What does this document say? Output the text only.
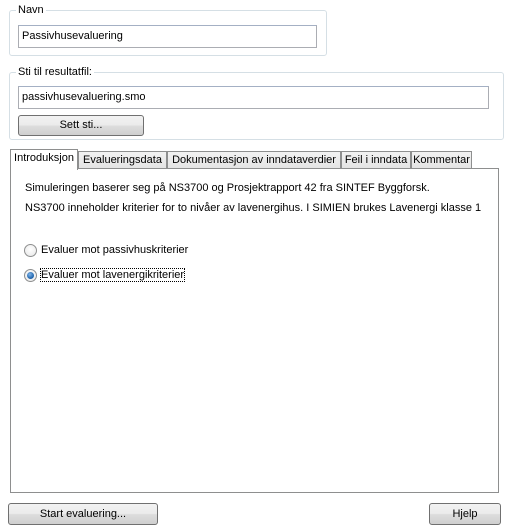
Navn
Passivhusevaluering
Sti til resultatfil:
passivhusevaluering.smo
Sett sti...
Introduksjon Evalueringsdata Dokumentasjon av inndataverdier Feil i inndata Kommentar
Simuleringen baserer seg på NS3700 og Prosjektrapport 42 fra SINTEF Byggforsk.
NS3700 inneholder kriterier for to nivåer av lavenergihus. I SIMIEN brukes Lavenergi klasse 1
Evaluer mot passivhuskriterier
Evaluer mot lavenergikriterier
Start evaluering...	Hjelp
